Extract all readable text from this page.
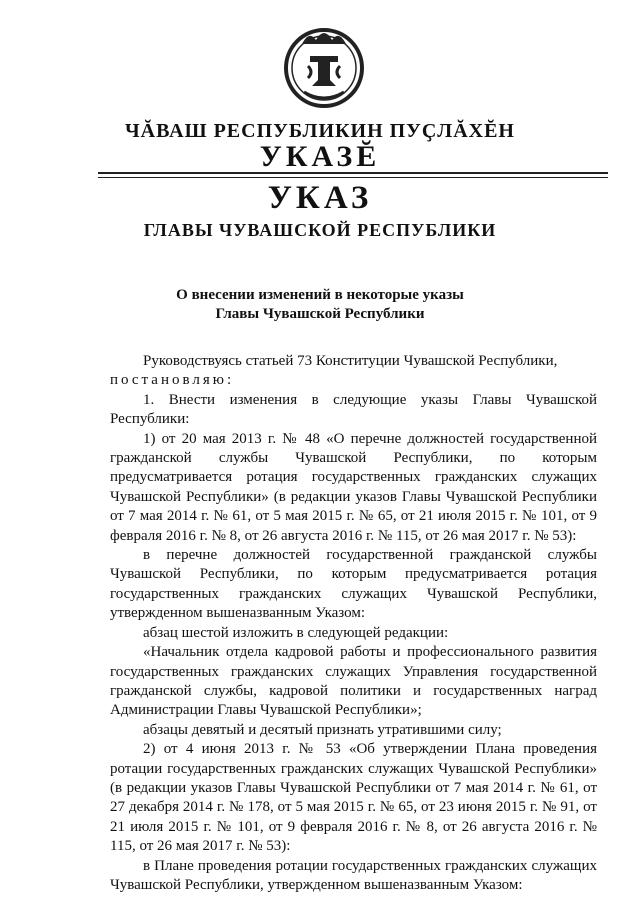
ЧĂВАШ РЕСПУБЛИКИН ПУҪЛĂХĔН
УКАЗĔ
УКАЗ
ГЛАВЫ ЧУВАШСКОЙ РЕСПУБЛИКИ
О внесении изменений в некоторые указы
Главы Чувашской Республики

Руководствуясь статьей 73 Конституции Чувашской Республики,

постановляю:

1. Внести изменения в следующие указы Главы Чувашской Республики:

1) от 20 мая 2013 г. № 48 «О перечне должностей государственной гражданской службы Чувашской Республики, по которым предусматривается ротация государственных гражданских служащих Чувашской Республики» (в редакции указов Главы Чувашской Республики от 7 мая 2014 г. № 61, от 5 мая 2015 г. № 65, от 21 июля 2015 г. № 101, от 9 февраля 2016 г. № 8, от 26 августа 2016 г. № 115, от 26 мая 2017 г. № 53):

в перечне должностей государственной гражданской службы Чувашской Республики, по которым предусматривается ротация государственных гражданских служащих Чувашской Республики, утвержденном вышеназванным Указом:

абзац шестой изложить в следующей редакции:

«Начальник отдела кадровой работы и профессионального развития государственных гражданских служащих Управления государственной гражданской службы, кадровой политики и государственных наград Администрации Главы Чувашской Республики»;

абзацы девятый и десятый признать утратившими силу;

2) от 4 июня 2013 г. № 53 «Об утверждении Плана проведения ротации государственных гражданских служащих Чувашской Республики» (в редакции указов Главы Чувашской Республики от 7 мая 2014 г. № 61, от 27 декабря 2014 г. № 178, от 5 мая 2015 г. № 65, от 23 июня 2015 г. № 91, от 21 июля 2015 г. № 101, от 9 февраля 2016 г. № 8, от 26 августа 2016 г. № 115, от 26 мая 2017 г. № 53):

в Плане проведения ротации государственных гражданских служащих Чувашской Республики, утвержденном вышеназванным Указом:
